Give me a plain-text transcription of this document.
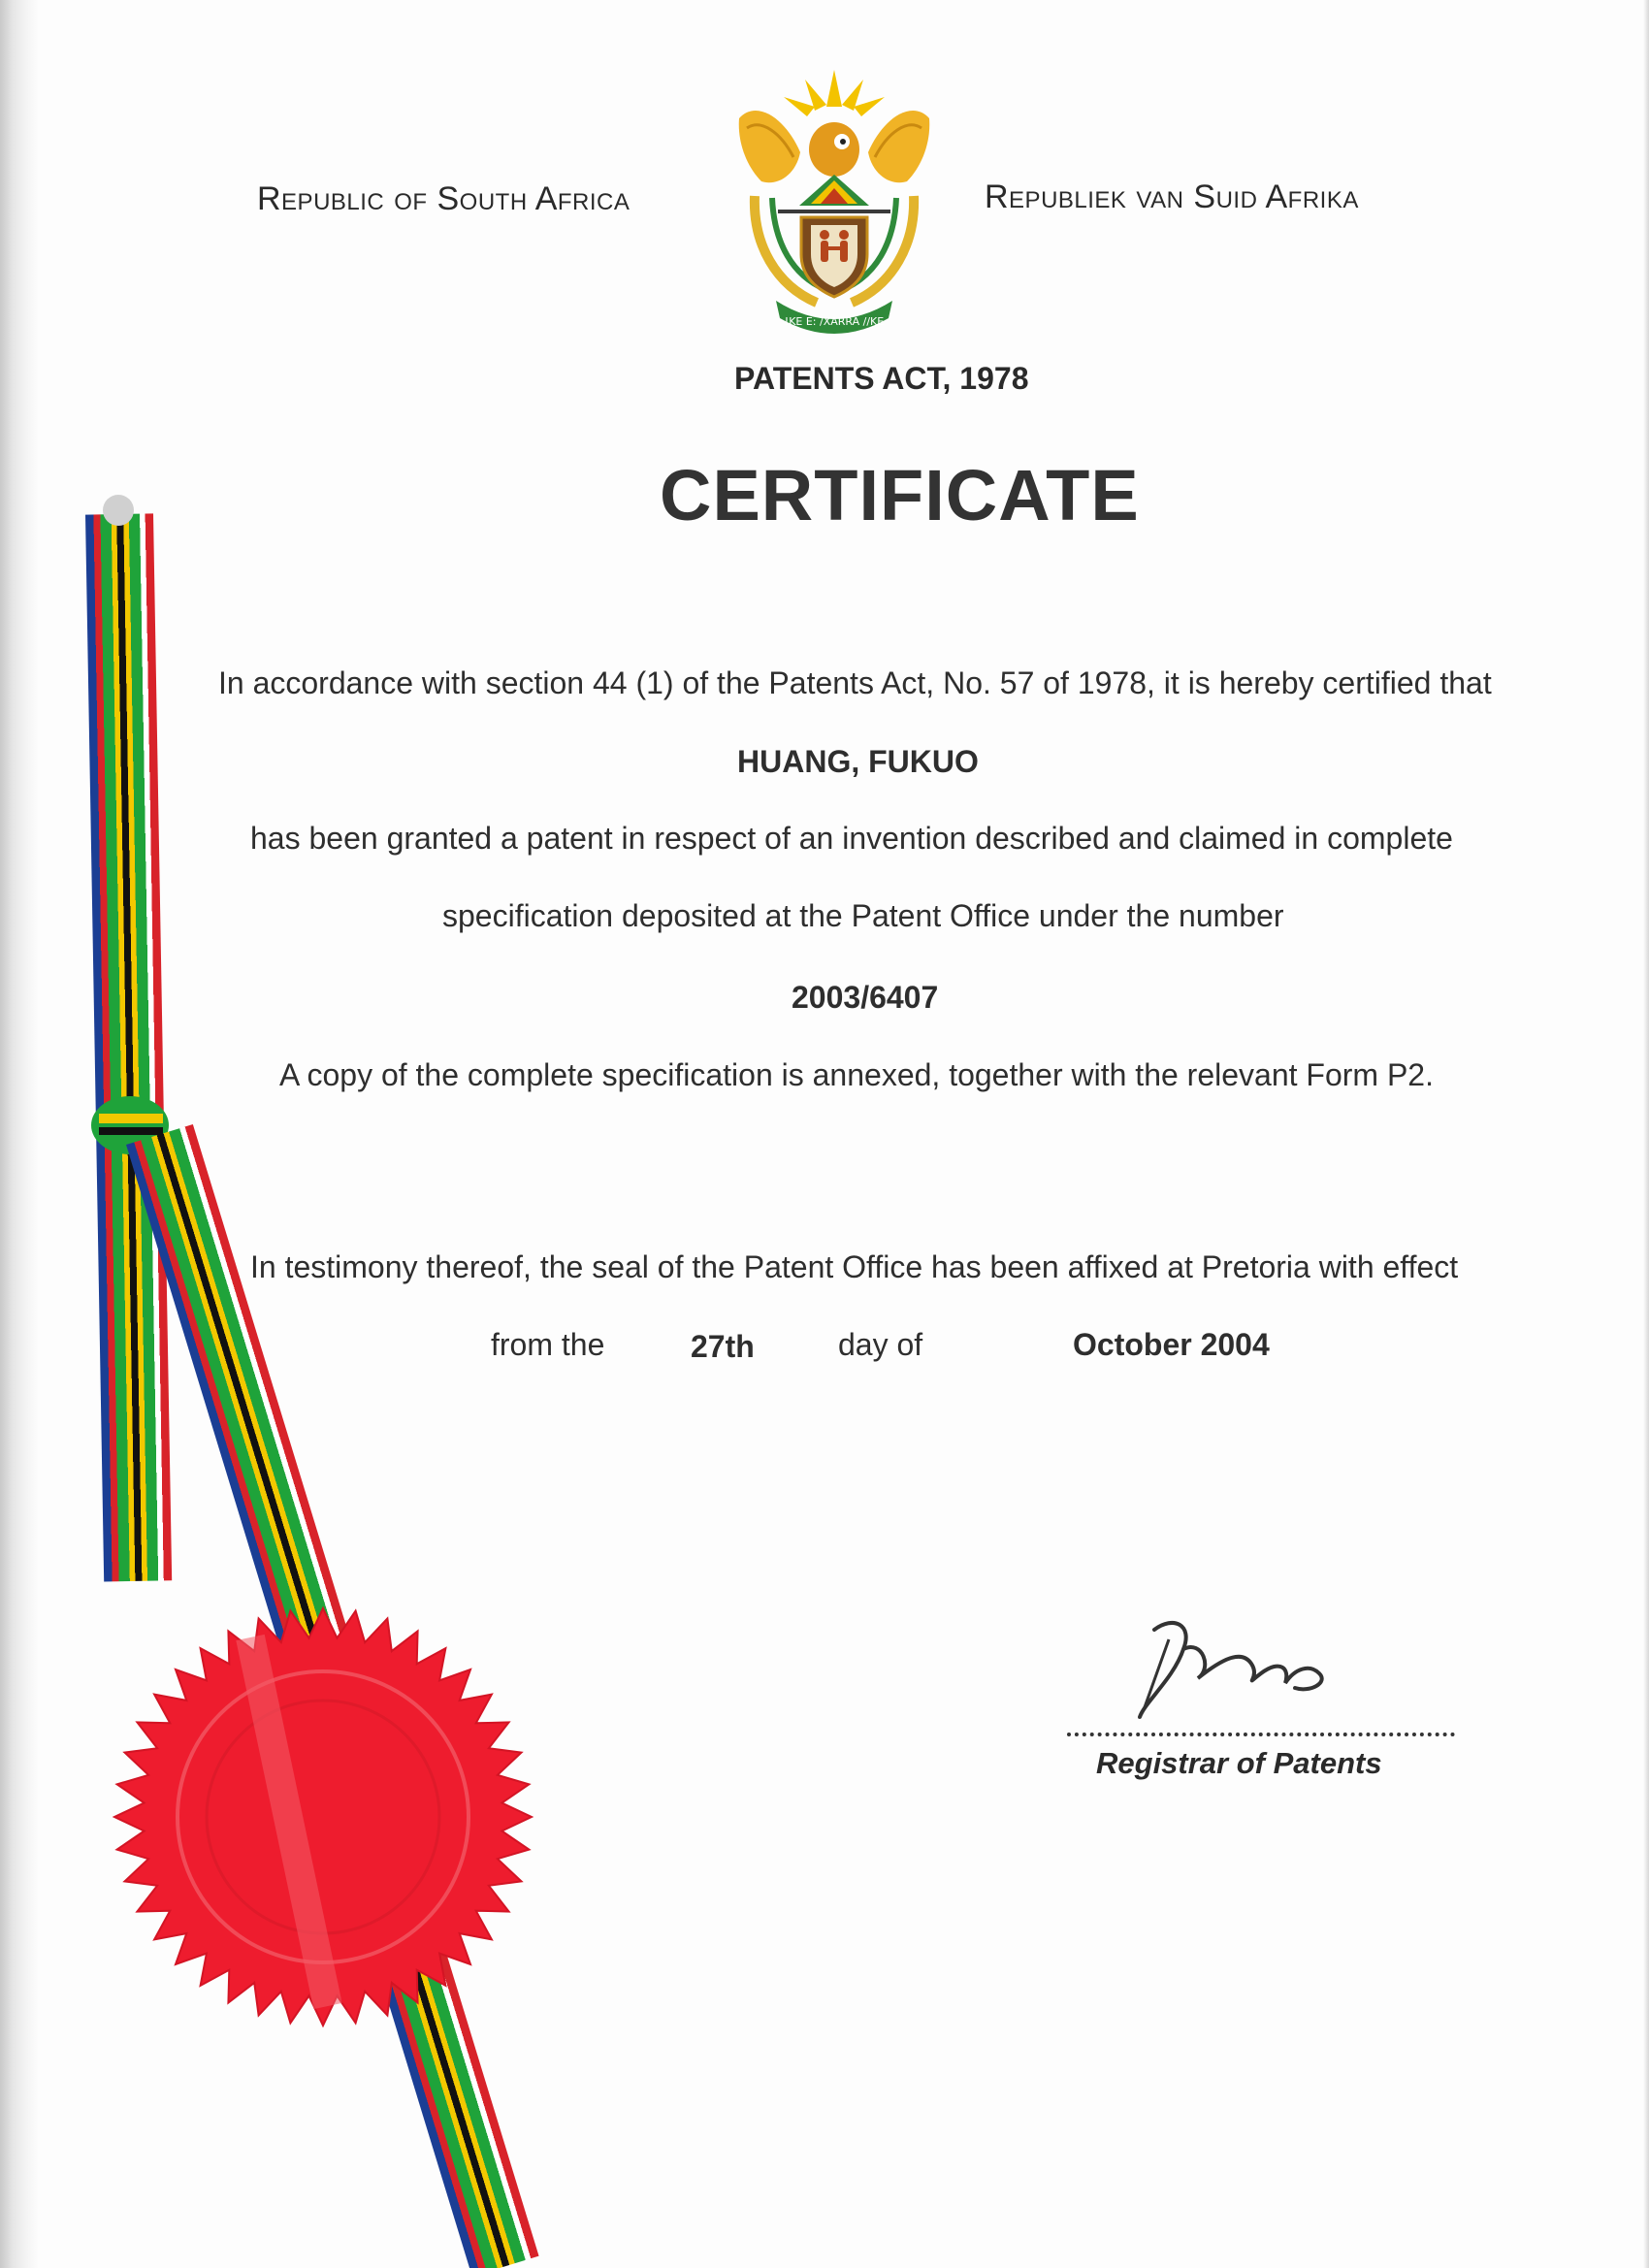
Republic of South Africa	Republiek van Suid Afrika
!KE E: /XARRA //KE
PATENTS ACT, 1978
CERTIFICATE
In accordance with section 44 (1) of the Patents Act, No. 57 of 1978, it is hereby certified that
HUANG, FUKUO
has been granted a patent in respect of an invention described and claimed in complete
specification deposited at the Patent Office under the number
2003/6407
A copy of the complete specification is annexed, together with the relevant Form P2.
In testimony thereof, the seal of the Patent Office has been affixed at Pretoria with effect
from the	27th	day of	October 2004
Registrar of Patents
